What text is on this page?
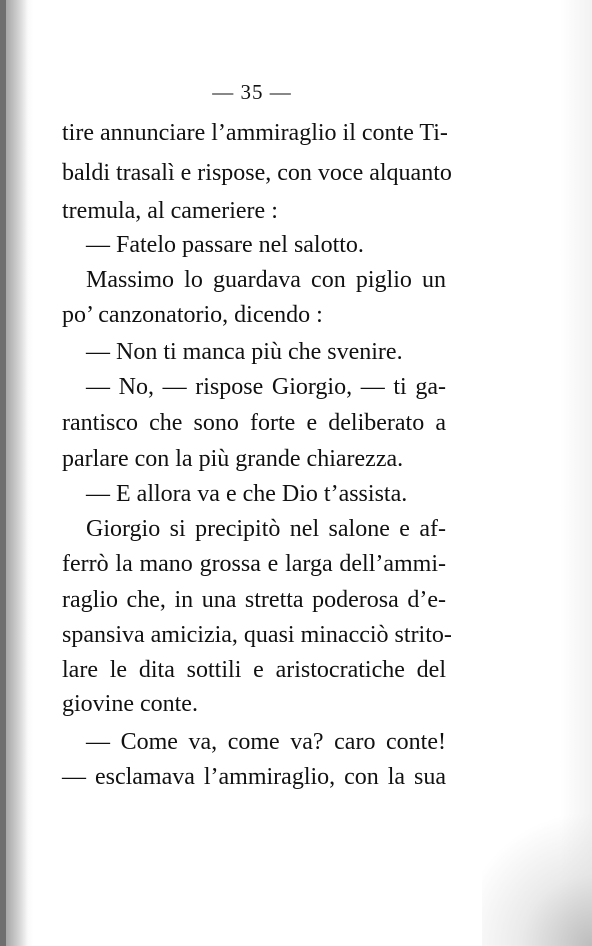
— 35 —
tire annunciare l’ammiraglio il conte Ti-
baldi trasalì e rispose, con voce alquanto
tremula, al cameriere :
— Fatelo passare nel salotto.
Massimo lo guardava con piglio un
po’ canzonatorio, dicendo :
— Non ti manca più che svenire.
— No, — rispose Giorgio, — ti ga-
rantisco che sono forte e deliberato a
parlare con la più grande chiarezza.
— E allora va e che Dio t’assista.
Giorgio si precipitò nel salone e af-
ferrò la mano grossa e larga dell’ammi-
raglio che, in una stretta poderosa d’e-
spansiva amicizia, quasi minacciò strito-
lare le dita sottili e aristocratiche del
giovine conte.
— Come va, come va? caro conte!
— esclamava l’ammiraglio, con la sua
